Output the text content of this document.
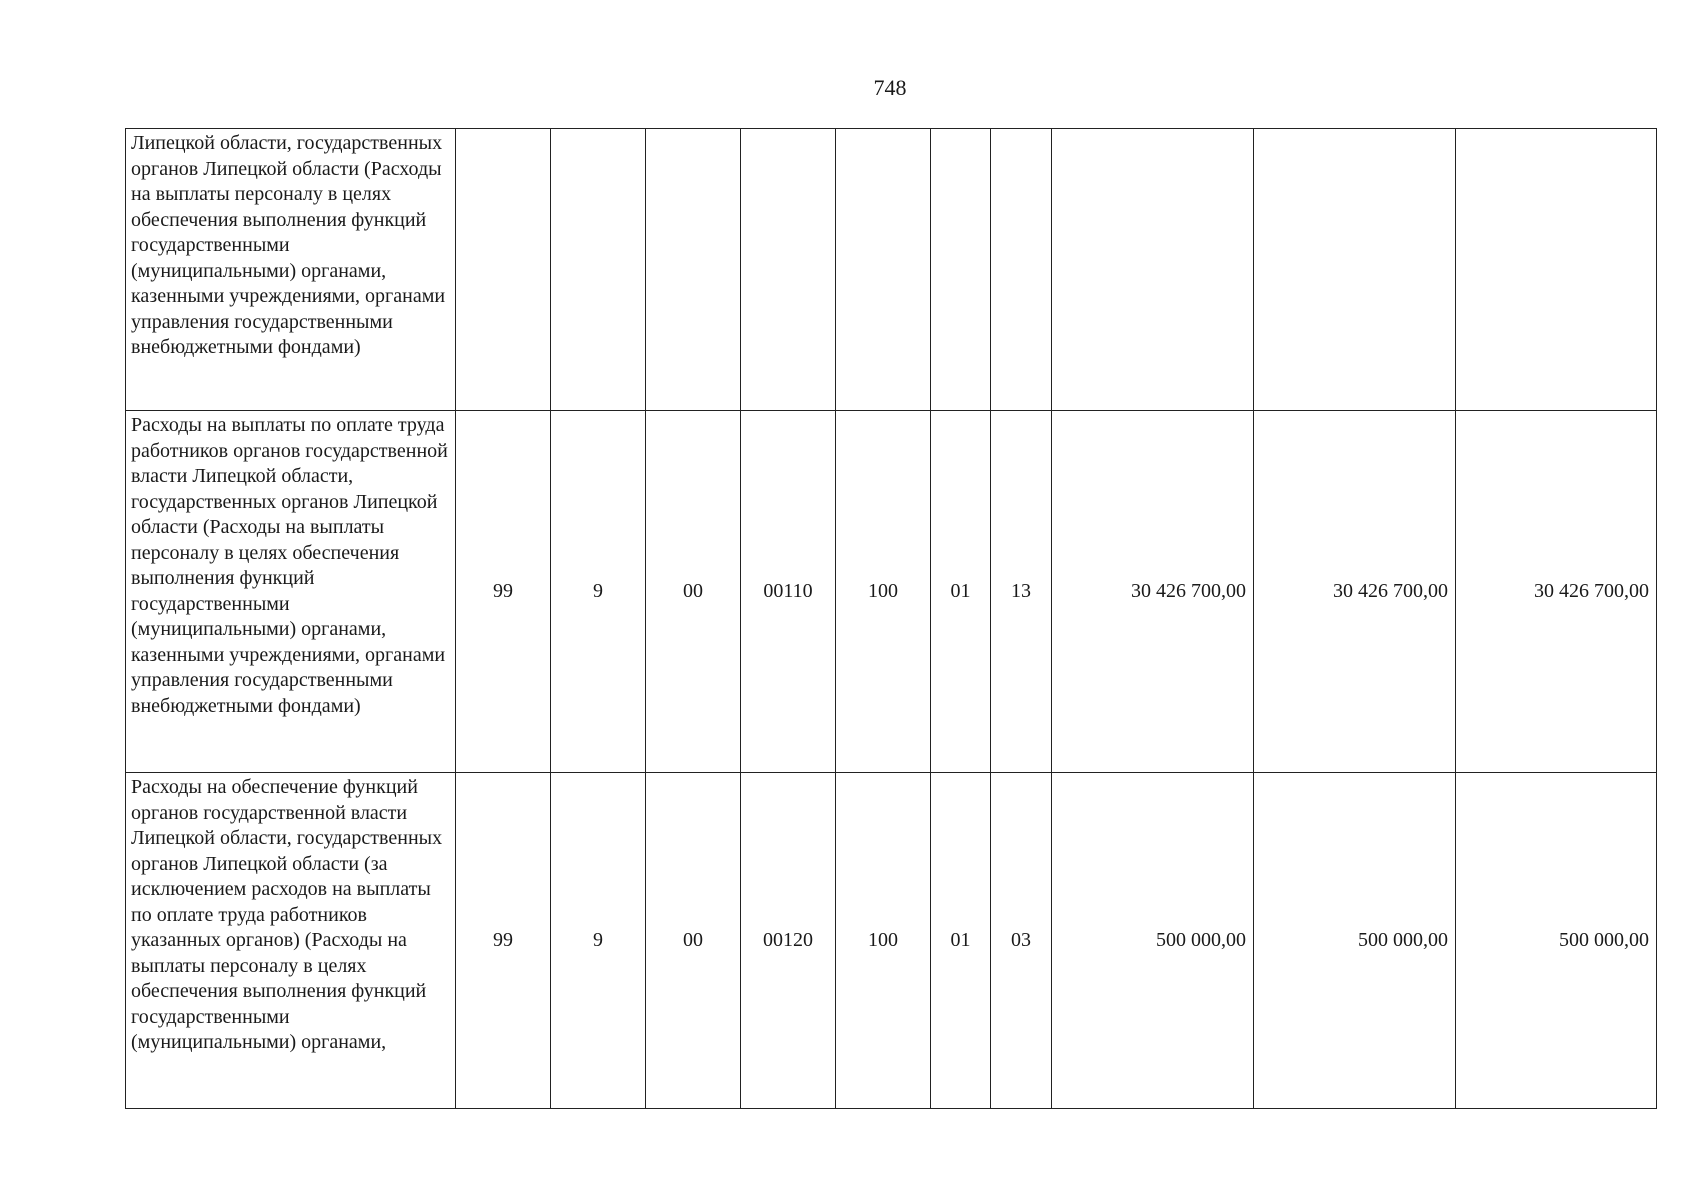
748
Липецкой области, государственных органов Липецкой области (Расходы на выплаты персоналу в целях обеспечения выполнения функций государственными (муниципальными) органами, казенными учреждениями, органами управления государственными внебюджетными фондами)										
Расходы на выплаты по оплате труда работников органов государственной власти Липецкой области, государственных органов Липецкой области (Расходы на выплаты персоналу в целях обеспечения выполнения функций государственными (муниципальными) органами, казенными учреждениями, органами управления государственными внебюджетными фондами)	99	9	00	00110	100	01	13	30 426 700,00	30 426 700,00	30 426 700,00
Расходы на обеспечение функций органов государственной власти Липецкой области, государственных органов Липецкой области (за исключением расходов на выплаты по оплате труда работников указанных органов) (Расходы на выплаты персоналу в целях обеспечения выполнения функций государственными (муниципальными) органами,	99	9	00	00120	100	01	03	500 000,00	500 000,00	500 000,00
